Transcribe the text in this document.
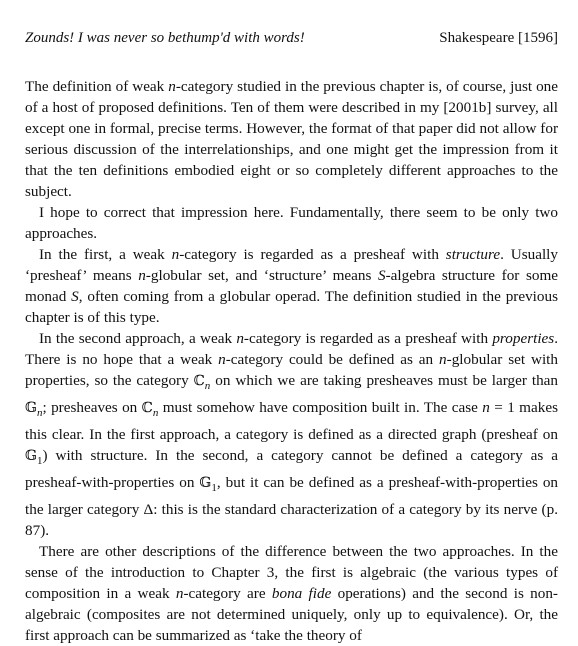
Zounds! I was never so bethump'd with words!	Shakespeare [1596]

The definition of weak n-category studied in the previous chapter is, of course, just one of a host of proposed definitions. Ten of them were described in my [2001b] survey, all except one in formal, precise terms. However, the format of that paper did not allow for serious discussion of the interrelationships, and one might get the impression from it that the ten definitions embodied eight or so completely different approaches to the subject.

I hope to correct that impression here. Fundamentally, there seem to be only two approaches.

In the first, a weak n-category is regarded as a presheaf with structure. Usually ‘presheaf’ means n-globular set, and ‘structure’ means S-algebra structure for some monad S, often coming from a globular operad. The definition studied in the previous chapter is of this type.

In the second approach, a weak n-category is regarded as a presheaf with properties. There is no hope that a weak n-category could be defined as an n-globular set with properties, so the category ℂ$_n$ on which we are taking presheaves must be larger than 𝔾$_n$; presheaves on ℂ$_n$ must somehow have composition built in. The case n = 1 makes this clear. In the first approach, a category is defined as a directed graph (presheaf on 𝔾$_1$) with structure. In the second, a category cannot be defined a category as a presheaf-with-properties on 𝔾$_1$, but it can be defined as a presheaf-with-properties on the larger category Δ: this is the standard characterization of a category by its nerve (p. 87).

There are other descriptions of the difference between the two approaches. In the sense of the introduction to Chapter 3, the first is algebraic (the various types of composition in a weak n-category are bona fide operations) and the second is non-algebraic (composites are not determined uniquely, only up to equivalence). Or, the first approach can be summarized as ‘take the theory of
